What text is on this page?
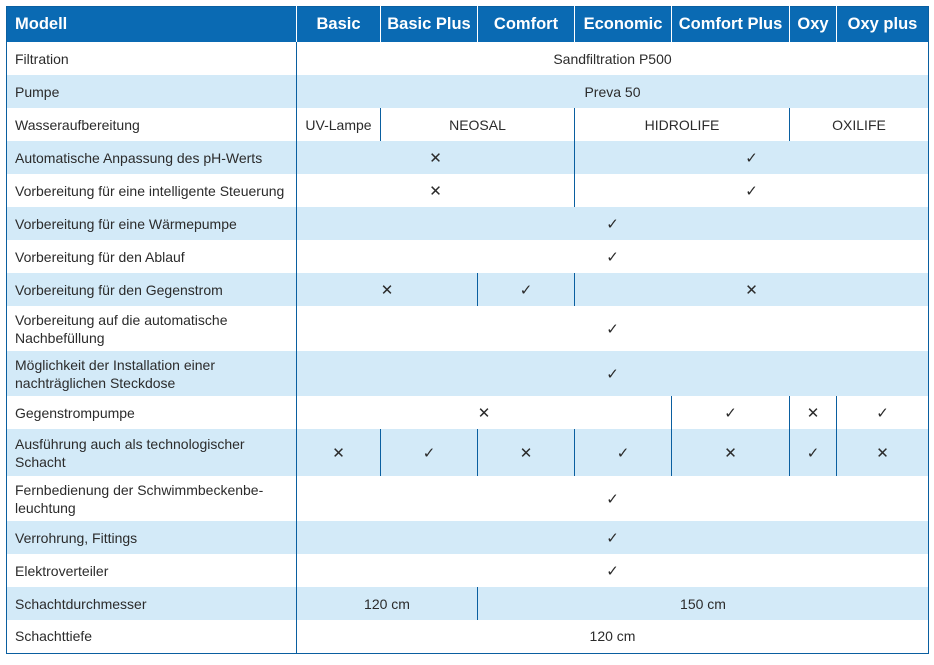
Modell	Basic	Basic Plus	Comfort	Economic	Comfort Plus	Oxy	Oxy plus
Filtration	Sandfiltration P500						
Pumpe	Preva 50						
Wasseraufbereitung	UV-Lampe	NEOSAL		HIDROLIFE		OXILIFE	
Automatische Anpassung des pH-Werts	✕			✓			
Vorbereitung für eine intelligente Steuerung	✕			✓			
Vorbereitung für eine Wärmepumpe	✓						
Vorbereitung für den Ablauf	✓						
Vorbereitung für den Gegenstrom	✕		✓	✕			
Vorbereitung auf die automatische Nachbefüllung	✓						
Möglichkeit der Installation einer nachträglichen Steckdose	✓						
Gegenstrompumpe	✕				✓	✕	✓
Ausführung auch als technologischer Schacht	✕	✓	✕	✓	✕	✓	✕
Fernbedienung der Schwimmbeckenbe-leuchtung	✓						
Verrohrung, Fittings	✓						
Elektroverteiler	✓						
Schachtdurchmesser	120 cm		150 cm				
Schachttiefe	120 cm						
